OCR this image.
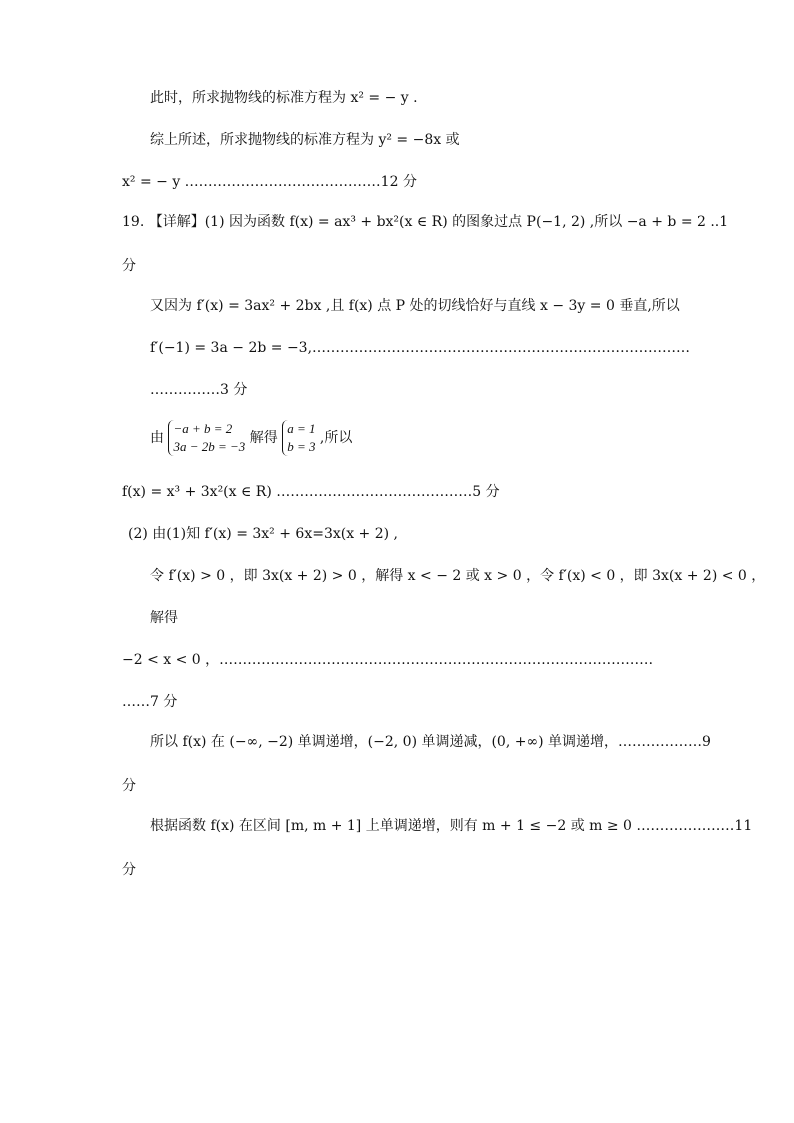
此时，所求抛物线的标准方程为 x² = − y .
综上所述，所求抛物线的标准方程为 y² = −8x 或
x² = − y ……………………………………12 分
19. 【详解】(1) 因为函数 f(x) = ax³ + bx²(x ∈ R) 的图象过点 P(−1, 2) ,所以 −a + b = 2 ..1
分
又因为 f′(x) = 3ax² + 2bx ,且 f(x) 点 P 处的切线恰好与直线 x − 3y = 0 垂直,所以
f′(−1) = 3a − 2b = −3,………………………………………………………………………
……………3 分
由
−a + b = 2
3a − 2b = −3
解得
a = 1
b = 3
,所以
f(x) = x³ + 3x²(x ∈ R) ……………………………………5 分
(2) 由(1)知 f′(x) = 3x² + 6x=3x(x + 2) ,
令 f′(x) > 0 ，即 3x(x + 2) > 0 ，解得 x < − 2 或 x > 0 ，令 f′(x) < 0 ，即 3x(x + 2) < 0 ，
解得
−2 < x < 0 ，…………………………………………………………………………………
……7 分
所以 f(x) 在 (−∞, −2) 单调递增，(−2, 0) 单调递减，(0, +∞) 单调递增，………………9
分
根据函数 f(x) 在区间 [m, m + 1] 上单调递增，则有 m + 1 ≤ −2 或 m ≥ 0 …………………11
分
